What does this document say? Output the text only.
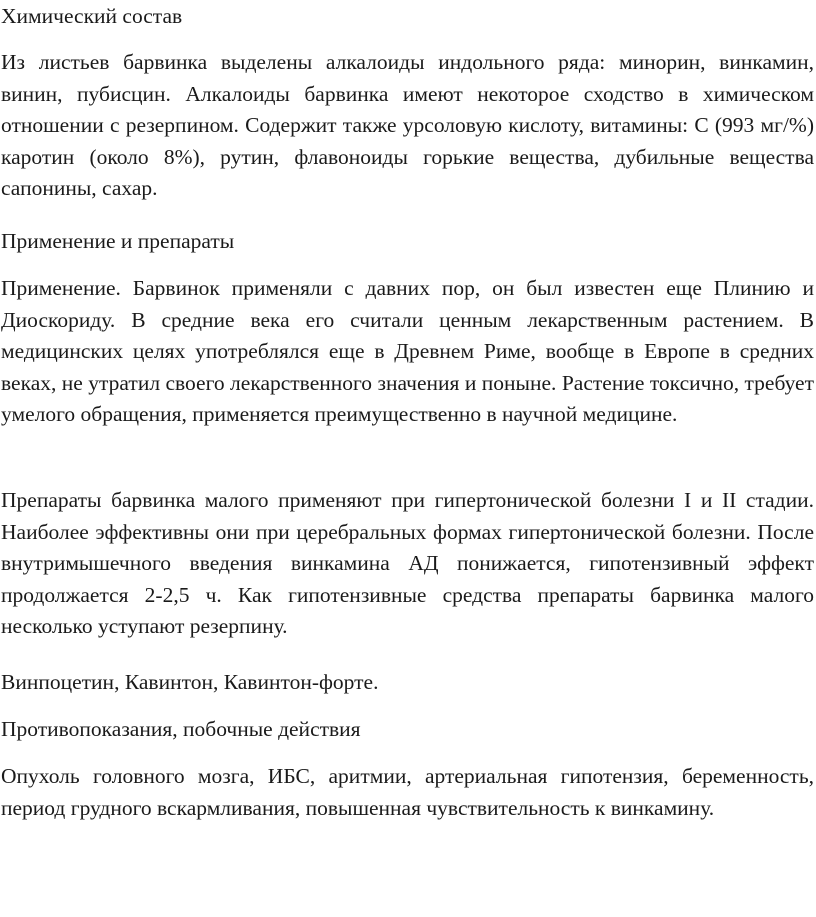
Химический состав

Из листьев барвинка выделены алкалоиды индольного ряда: минорин, винкамин, винин, пубисцин. Алкалоиды барвинка имеют некоторое сходство в химическом отношении с резерпином. Содержит также урсоловую кислоту, витамины: С (993 мг/%) каротин (около 8%), рутин, флавоноиды горькие вещества, дубильные вещества сапонины, сахар.

Применение и препараты

Применение. Барвинок применяли с давних пор, он был известен еще Плинию и Диоскориду. В средние века его считали ценным лекарственным растением. В медицинских целях употреблялся еще в Древнем Риме, вообще в Европе в средних веках, не утратил своего лекарственного значения и поныне. Растение токсично, требует умелого обращения, применяется преимущественно в научной медицине.

Препараты барвинка малого применяют при гипертонической болезни I и II стадии. Наиболее эффективны они при церебральных формах гипертонической болезни. После внутримышечного введения винкамина АД понижается, гипотензивный эффект продолжается 2-2,5 ч. Как гипотензивные средства препараты барвинка малого несколько уступают резерпину.

Винпоцетин, Кавинтон, Кавинтон-форте.

Противопоказания, побочные действия

Опухоль головного мозга, ИБС, аритмии, артериальная гипотензия, беременность, период грудного вскармливания, повышенная чувствительность к винкамину.
